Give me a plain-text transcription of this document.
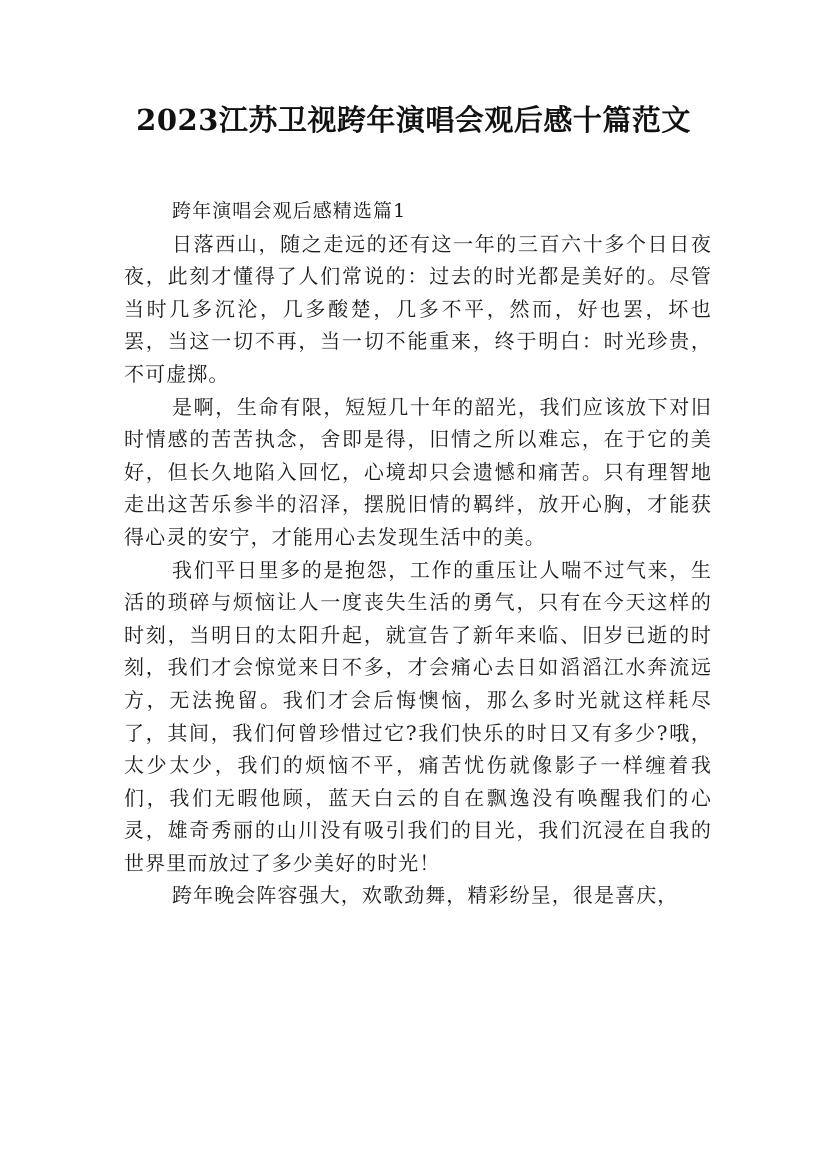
2023江苏卫视跨年演唱会观后感十篇范文

跨年演唱会观后感精选篇1

日落西山，随之走远的还有这一年的三百六十多个日日夜夜，此刻才懂得了人们常说的：过去的时光都是美好的。尽管当时几多沉沦，几多酸楚，几多不平，然而，好也罢，坏也罢，当这一切不再，当一切不能重来，终于明白：时光珍贵，不可虚掷。

是啊，生命有限，短短几十年的韶光，我们应该放下对旧时情感的苦苦执念，舍即是得，旧情之所以难忘，在于它的美好，但长久地陷入回忆，心境却只会遗憾和痛苦。只有理智地走出这苦乐参半的沼泽，摆脱旧情的羁绊，放开心胸，才能获得心灵的安宁，才能用心去发现生活中的美。

我们平日里多的是抱怨，工作的重压让人喘不过气来，生活的琐碎与烦恼让人一度丧失生活的勇气，只有在今天这样的时刻，当明日的太阳升起，就宣告了新年来临、旧岁已逝的时刻，我们才会惊觉来日不多，才会痛心去日如滔滔江水奔流远方，无法挽留。我们才会后悔懊恼，那么多时光就这样耗尽了，其间，我们何曾珍惜过它?我们快乐的时日又有多少?哦，太少太少，我们的烦恼不平，痛苦忧伤就像影子一样缠着我们，我们无暇他顾，蓝天白云的自在飘逸没有唤醒我们的心灵，雄奇秀丽的山川没有吸引我们的目光，我们沉浸在自我的世界里而放过了多少美好的时光！

跨年晚会阵容强大，欢歌劲舞，精彩纷呈，很是喜庆，
